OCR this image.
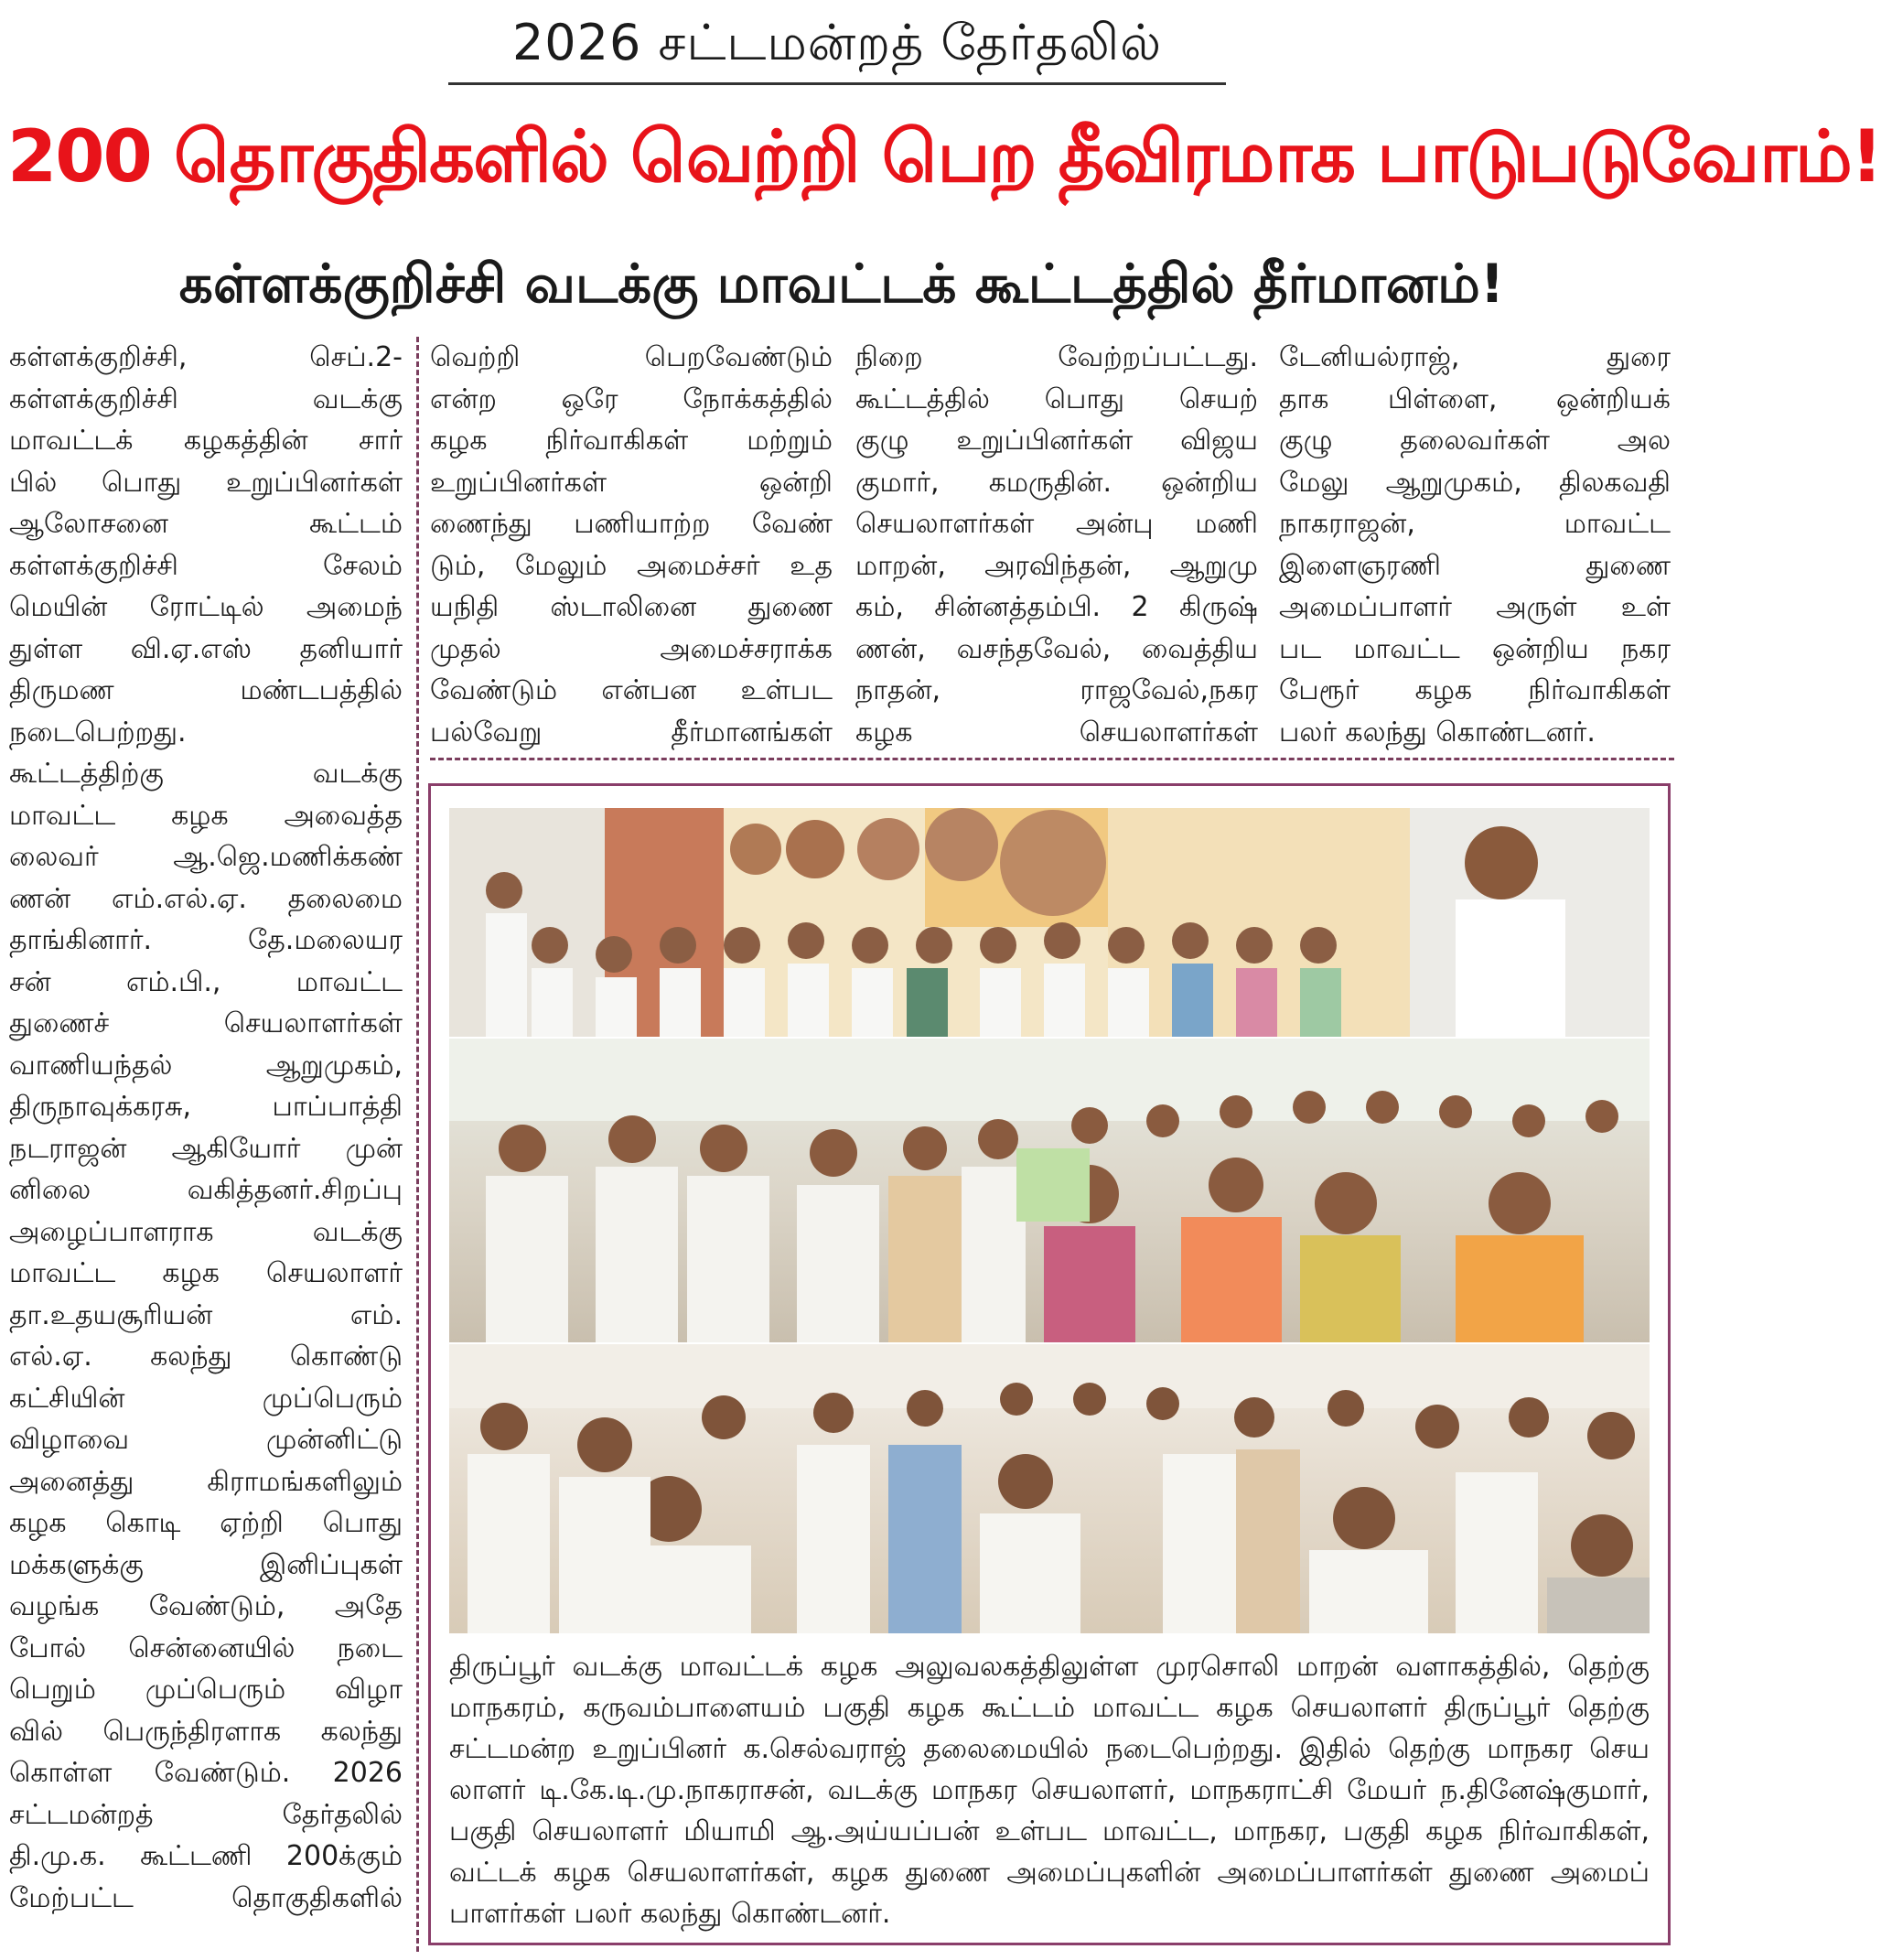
2026 சட்டமன்றத் தேர்தலில்
200 தொகுதிகளில் வெற்றி பெற தீவிரமாக பாடுபடுவோம்!
கள்ளக்குறிச்சி வடக்கு மாவட்டக் கூட்டத்தில் தீர்மானம்!
கள்ளக்குறிச்சி, செப்.2-
கள்ளக்குறிச்சி வடக்கு
மாவட்டக் கழகத்தின் சார்
பில் பொது உறுப்பினர்கள்
ஆலோசனை கூட்டம்
கள்ளக்குறிச்சி சேலம்
மெயின் ரோட்டில் அமைந்
துள்ள வி.ஏ.எஸ் தனியார்
திருமண மண்டபத்தில்
நடைபெற்றது.
கூட்டத்திற்கு வடக்கு
மாவட்ட கழக அவைத்த
லைவர் ஆ.ஜெ.மணிக்கண்
ணன் எம்.எல்.ஏ. தலைமை
தாங்கினார். தே.மலையர
சன் எம்.பி., மாவட்ட
துணைச் செயலாளர்கள்
வாணியந்தல் ஆறுமுகம்,
திருநாவுக்கரசு, பாப்பாத்தி
நடராஜன் ஆகியோர் முன்
னிலை வகித்தனர்.சிறப்பு
அழைப்பாளராக வடக்கு
மாவட்ட கழக செயலாளர்
தா.உதயசூரியன் எம்.
எல்.ஏ. கலந்து கொண்டு
கட்சியின் முப்பெரும்
விழாவை முன்னிட்டு
அனைத்து கிராமங்களிலும்
கழக கொடி ஏற்றி பொது
மக்களுக்கு இனிப்புகள்
வழங்க வேண்டும், அதே
போல் சென்னையில் நடை
பெறும் முப்பெரும் விழா
வில் பெருந்திரளாக கலந்து
கொள்ள வேண்டும். 2026
சட்டமன்றத் தேர்தலில்
தி.மு.க. கூட்டணி 200க்கும்
மேற்பட்ட தொகுதிகளில்
வெற்றி பெறவேண்டும்
என்ற ஒரே நோக்கத்தில்
கழக நிர்வாகிகள் மற்றும்
உறுப்பினர்கள் ஒன்றி
ணைந்து பணியாற்ற வேண்
டும், மேலும் அமைச்சர் உத
யநிதி ஸ்டாலினை துணை
முதல் அமைச்சராக்க
வேண்டும் என்பன உள்பட
பல்வேறு தீர்மானங்கள்
நிறை வேற்றப்பட்டது.
கூட்டத்தில் பொது செயற்
குழு உறுப்பினர்கள் விஜய
குமார், கமருதின். ஒன்றிய
செயலாளர்கள் அன்பு மணி
மாறன், அரவிந்தன், ஆறுமு
கம், சின்னத்தம்பி. 2 கிருஷ்
ணன், வசந்தவேல், வைத்திய
நாதன், ராஜவேல்,நகர
கழக செயலாளர்கள்
டேனியல்ராஜ், துரை
தாக பிள்ளை, ஒன்றியக்
குழு தலைவர்கள் அல
மேலு ஆறுமுகம், திலகவதி
நாகராஜன், மாவட்ட
இளைஞரணி துணை
அமைப்பாளர் அருள் உள்
பட மாவட்ட ஒன்றிய நகர
பேரூர் கழக நிர்வாகிகள்
பலர் கலந்து கொண்டனர்.
திருப்பூர் வடக்கு மாவட்டக் கழக அலுவலகத்திலுள்ள முரசொலி மாறன் வளாகத்தில், தெற்கு
மாநகரம், கருவம்பாளையம் பகுதி கழக கூட்டம் மாவட்ட கழக செயலாளர் திருப்பூர் தெற்கு
சட்டமன்ற உறுப்பினர் க.செல்வராஜ் தலைமையில் நடைபெற்றது. இதில் தெற்கு மாநகர செய
லாளர் டி.கே.டி.மு.நாகராசன், வடக்கு மாநகர செயலாளர், மாநகராட்சி மேயர் ந.தினேஷ்குமார்,
பகுதி செயலாளர் மியாமி ஆ.அய்யப்பன் உள்பட மாவட்ட, மாநகர, பகுதி கழக நிர்வாகிகள்,
வட்டக் கழக செயலாளர்கள், கழக துணை அமைப்புகளின் அமைப்பாளர்கள் துணை அமைப்
பாளர்கள் பலர் கலந்து கொண்டனர்.
